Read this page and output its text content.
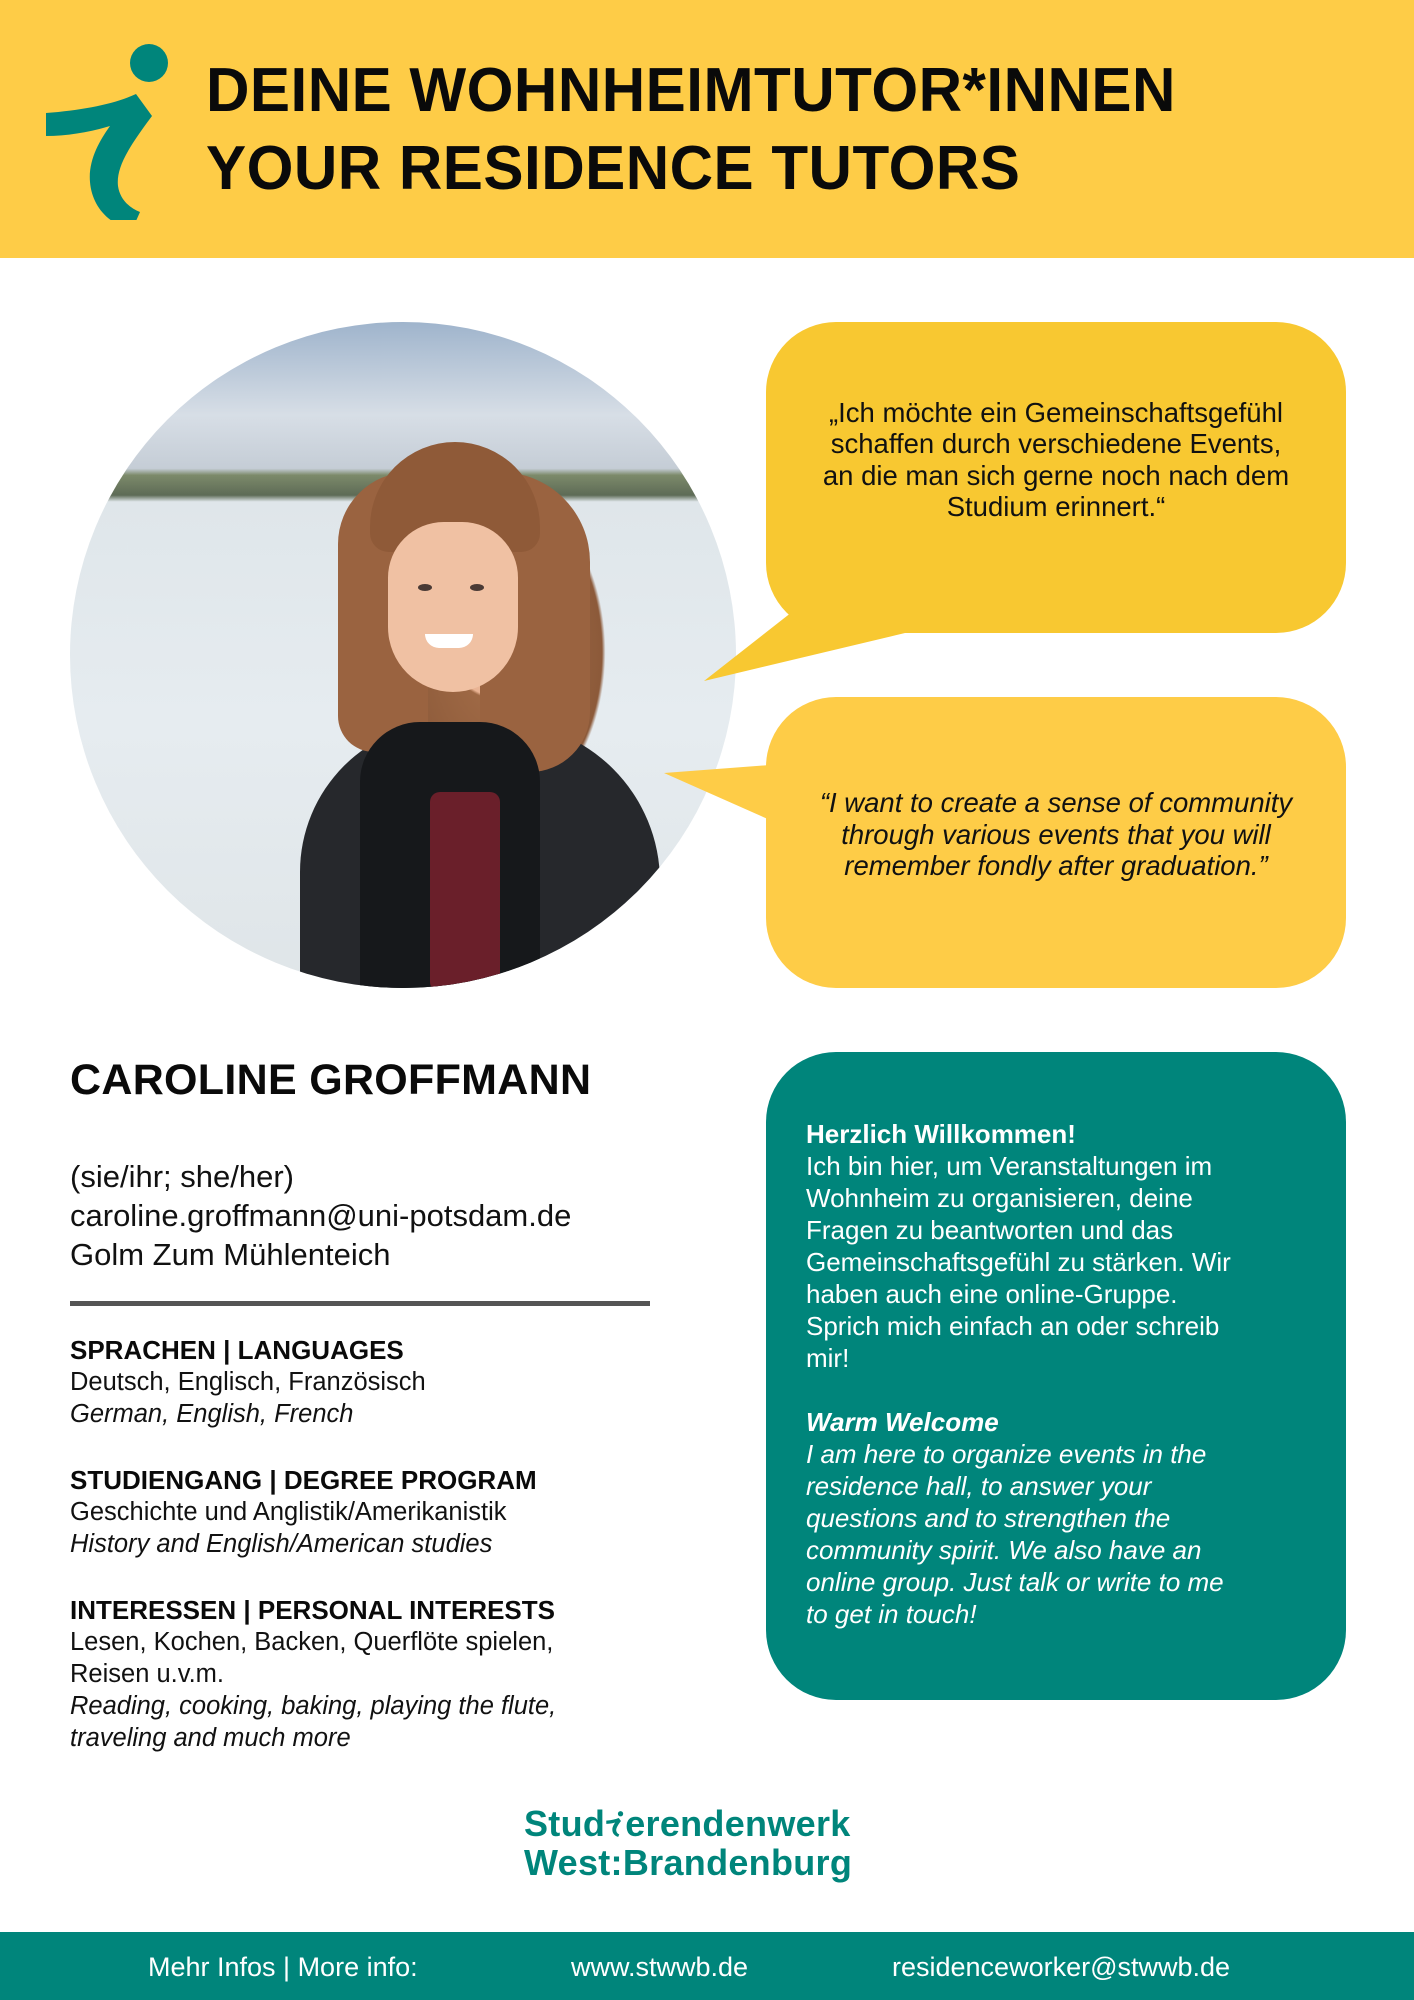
DEINE WOHNHEIMTUTOR*INNEN
YOUR RESIDENCE TUTORS
„Ich möchte ein Gemeinschaftsgefühl
schaffen durch verschiedene Events,
an die man sich gerne noch nach dem
Studium erinnert.“
“I want to create a sense of community
through various events that you will
remember fondly after graduation.”
CAROLINE GROFFMANN
(sie/ihr; she/her)
caroline.groffmann@uni-potsdam.de
Golm Zum Mühlenteich
SPRACHEN | LANGUAGES
Deutsch, Englisch, Französisch
German, English, French
STUDIENGANG | DEGREE PROGRAM
Geschichte und Anglistik/Amerikanistik
History and English/American studies
INTERESSEN | PERSONAL INTERESTS
Lesen, Kochen, Backen, Querflöte spielen,
Reisen u.v.m.
Reading, cooking, baking, playing the flute,
traveling and much more
Herzlich Willkommen!
Ich bin hier, um Veranstaltungen im
Wohnheim zu organisieren, deine
Fragen zu beantworten und das
Gemeinschaftsgefühl zu stärken. Wir
haben auch eine online-Gruppe.
Sprich mich einfach an oder schreib
mir!
Warm Welcome
I am here to organize events in the
residence hall, to answer your
questions and to strengthen the
community spirit. We also have an
online group. Just talk or write to me
to get in touch!
Stud erendenwerk
West:Brandenburg
Mehr Infos | More info:	www.stwwb.de	residenceworker@stwwb.de
